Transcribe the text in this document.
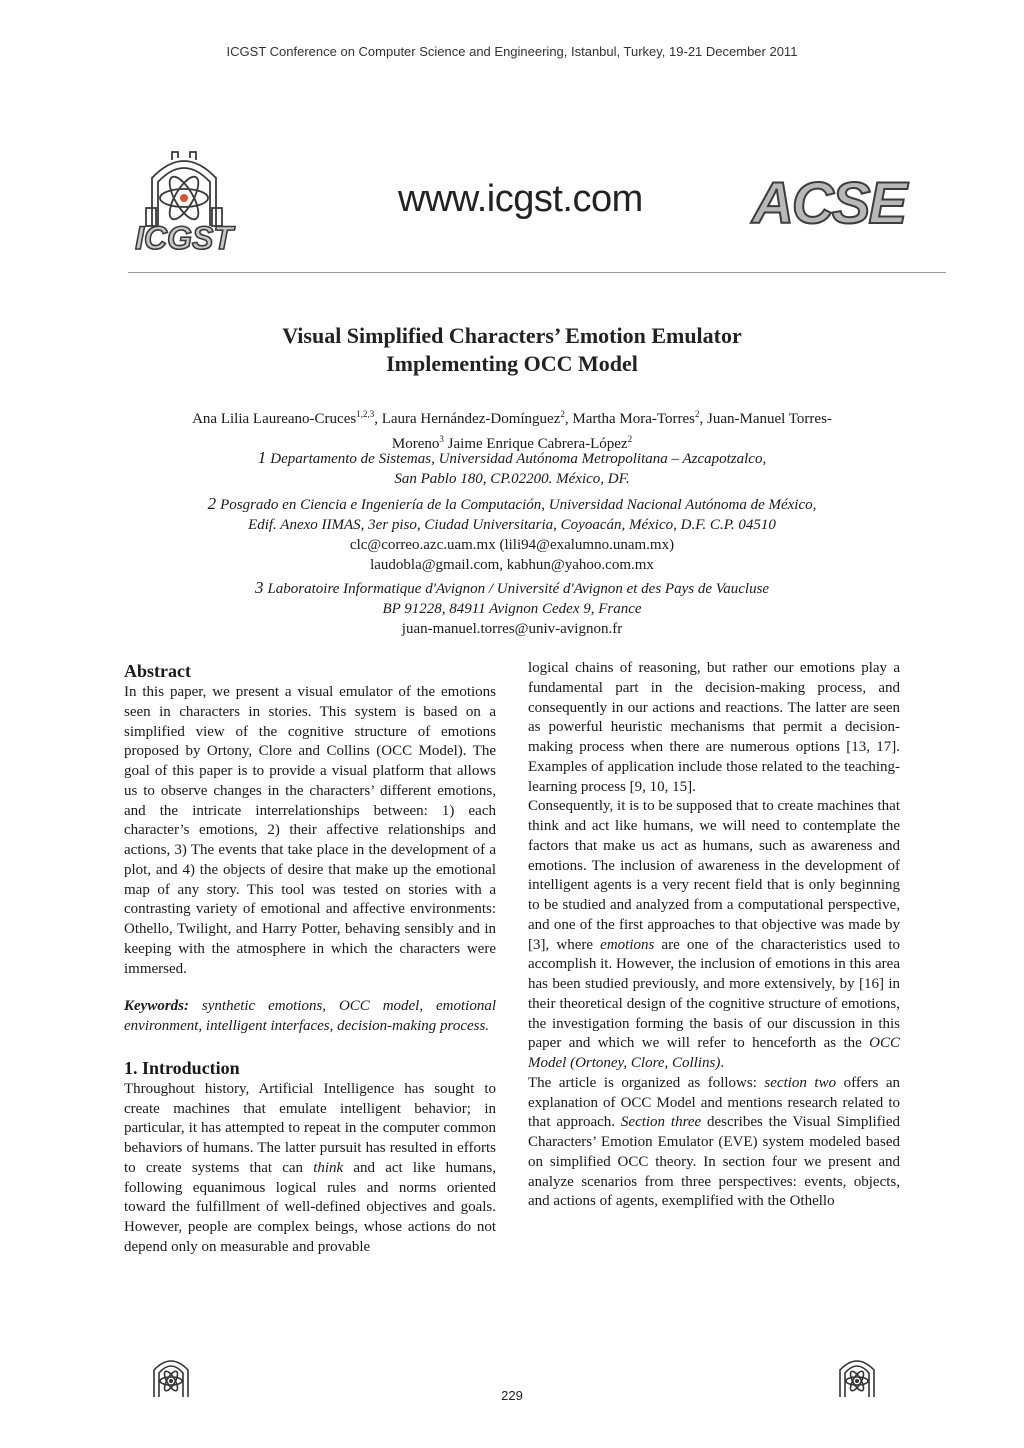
ICGST Conference on Computer Science and Engineering, Istanbul, Turkey, 19-21 December 2011
ICGST
www.icgst.com ACSE
Visual Simplified Characters’ Emotion Emulator
Implementing OCC Model
Ana Lilia Laureano-Cruces$^{1,2,3}$, Laura Hernández-Domínguez$^2$, Martha Mora-Torres$^2$, Juan-Manuel Torres-
Moreno$^3$ Jaime Enrique Cabrera-López$^2$
1 Departamento de Sistemas, Universidad Autónoma Metropolitana – Azcapotzalco,
San Pablo 180, CP.02200. México, DF.
2 Posgrado en Ciencia e Ingeniería de la Computación, Universidad Nacional Autónoma de México,
Edif. Anexo IIMAS, 3er piso, Ciudad Universitaria, Coyoacán, México, D.F. C.P. 04510
clc@correo.azc.uam.mx (lili94@exalumno.unam.mx)
laudobla@gmail.com, kabhun@yahoo.com.mx
3 Laboratoire Informatique d'Avignon / Université d'Avignon et des Pays de Vaucluse
BP 91228, 84911 Avignon Cedex 9, France
juan-manuel.torres@univ-avignon.fr
Abstract

In this paper, we present a visual emulator of the emotions seen in characters in stories. This system is based on a simplified view of the cognitive structure of emotions proposed by Ortony, Clore and Collins (OCC Model). The goal of this paper is to provide a visual platform that allows us to observe changes in the characters’ different emotions, and the intricate interrelationships between: 1) each character’s emotions, 2) their affective relationships and actions, 3) The events that take place in the development of a plot, and 4) the objects of desire that make up the emotional map of any story. This tool was tested on stories with a contrasting variety of emotional and affective environments: Othello, Twilight, and Harry Potter, behaving sensibly and in keeping with the atmosphere in which the characters were immersed.

Keywords: synthetic emotions, OCC model, emotional environment, intelligent interfaces, decision-making process.

1. Introduction

Throughout history, Artificial Intelligence has sought to create machines that emulate intelligent behavior; in particular, it has attempted to repeat in the computer common behaviors of humans. The latter pursuit has resulted in efforts to create systems that can think and act like humans, following equanimous logical rules and norms oriented toward the fulfillment of well-defined objectives and goals. However, people are complex beings, whose actions do not depend only on measurable and provable

logical chains of reasoning, but rather our emotions play a fundamental part in the decision-making process, and consequently in our actions and reactions. The latter are seen as powerful heuristic mechanisms that permit a decision-making process when there are numerous options [13, 17]. Examples of application include those related to the teaching-learning process [9, 10, 15].

Consequently, it is to be supposed that to create machines that think and act like humans, we will need to contemplate the factors that make us act as humans, such as awareness and emotions. The inclusion of awareness in the development of intelligent agents is a very recent field that is only beginning to be studied and analyzed from a computational perspective, and one of the first approaches to that objective was made by [3], where emotions are one of the characteristics used to accomplish it. However, the inclusion of emotions in this area has been studied previously, and more extensively, by [16] in their theoretical design of the cognitive structure of emotions, the investigation forming the basis of our discussion in this paper and which we will refer to henceforth as the OCC Model (Ortoney, Clore, Collins).

The article is organized as follows: section two offers an explanation of OCC Model and mentions research related to that approach. Section three describes the Visual Simplified Characters’ Emotion Emulator (EVE) system modeled based on simplified OCC theory. In section four we present and analyze scenarios from three perspectives: events, objects, and actions of agents, exemplified with the Othello

229
